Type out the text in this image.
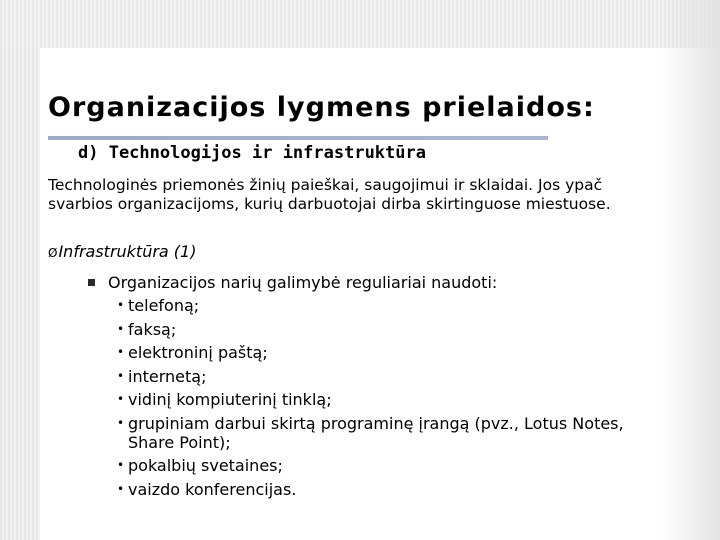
Organizacijos lygmens prielaidos:
d) Technologijos ir infrastruktūra

Technologinės priemonės žinių paieškai, saugojimui ir sklaidai. Jos ypač svarbios organizacijoms, kurių darbuotojai dirba skirtinguose miestuose.

ØInfrastruktūra (1)
Organizacijos narių galimybė reguliariai naudoti:
• telefoną;
• faksą;
• elektroninį paštą;
• internetą;
• vidinį kompiuterinį tinklą;
• grupiniam darbui skirtą programinę įrangą (pvz., Lotus Notes, Share Point);
• pokalbių svetaines;
• vaizdo konferencijas.
